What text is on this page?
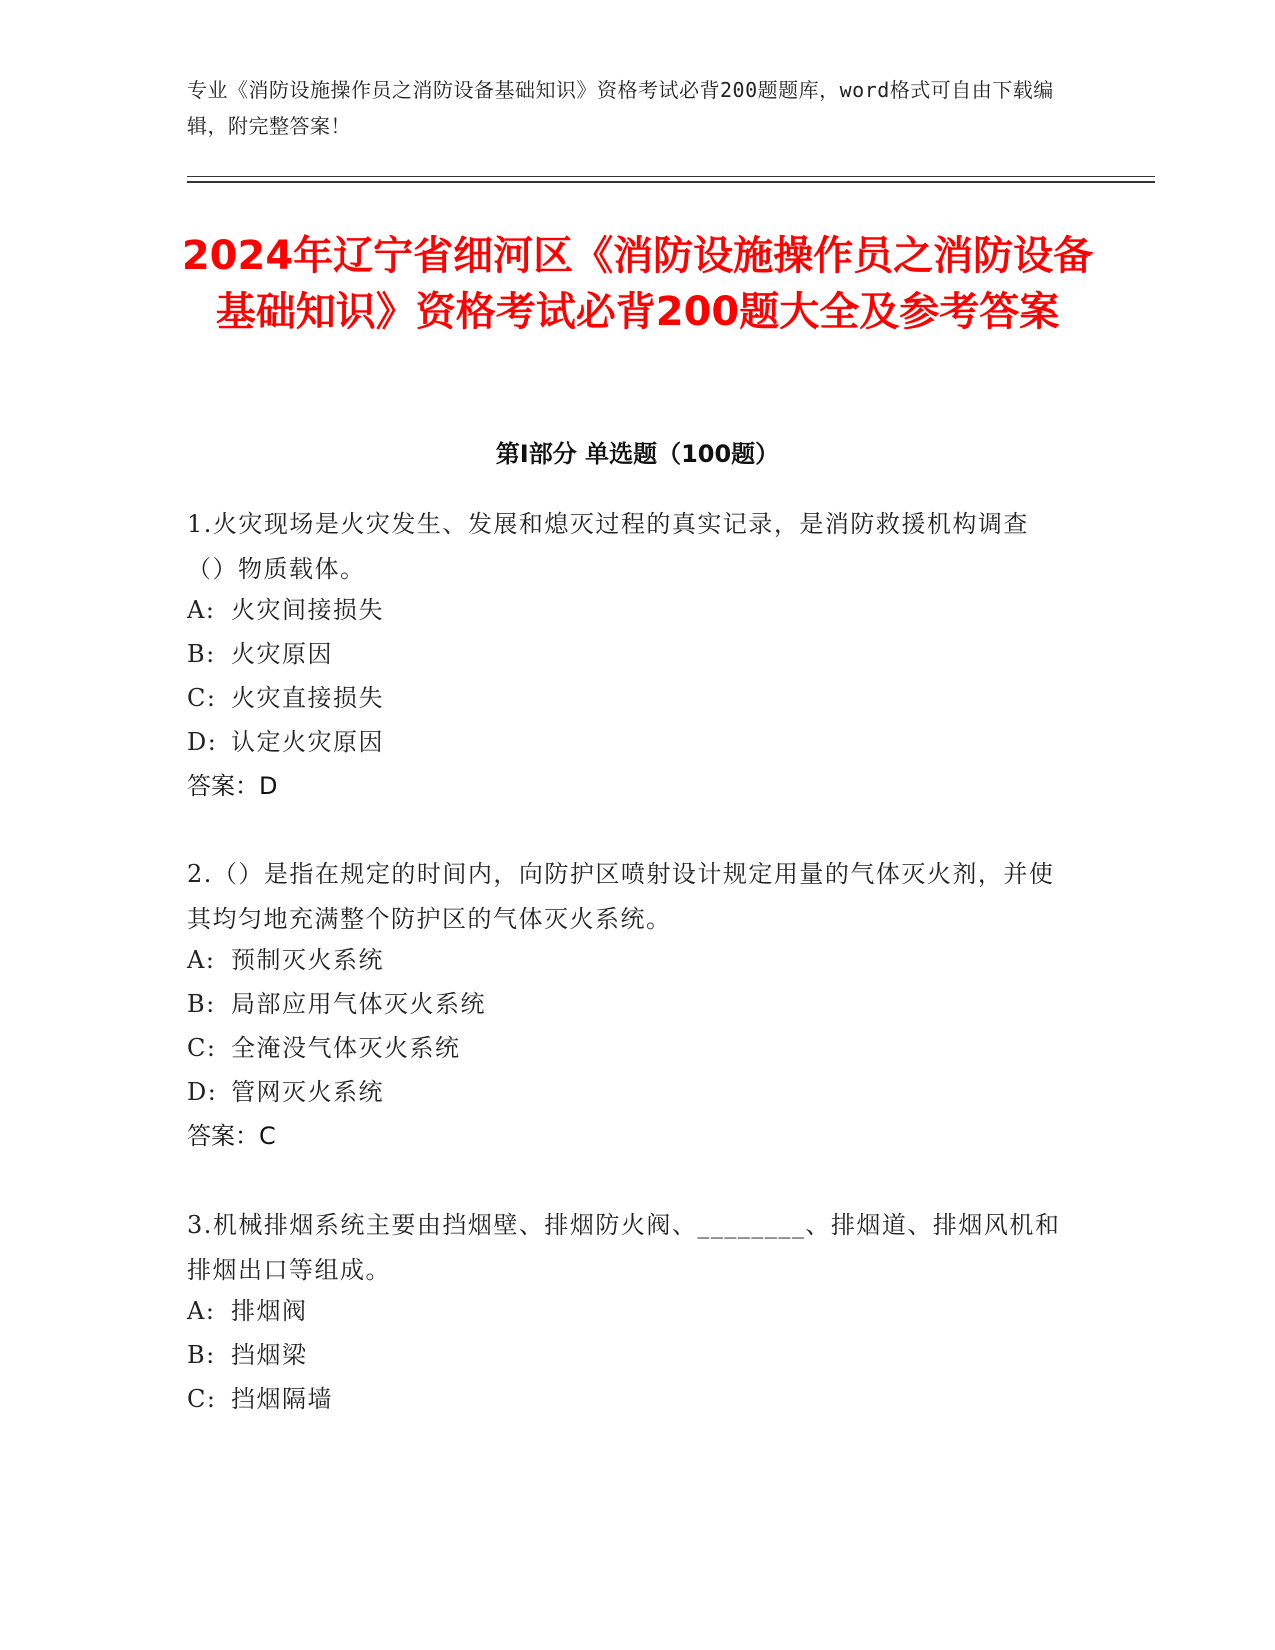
专业《消防设施操作员之消防设备基础知识》资格考试必背200题题库，word格式可自由下载编辑，附完整答案！
2024年辽宁省细河区《消防设施操作员之消防设备基础知识》资格考试必背200题大全及参考答案
第Ⅰ部分 单选题（100题）
1.火灾现场是火灾发生、发展和熄灭过程的真实记录，是消防救援机构调查（）物质载体。
A: 火灾间接损失
B: 火灾原因
C: 火灾直接损失
D: 认定火灾原因
答案：D
2.（）是指在规定的时间内，向防护区喷射设计规定用量的气体灭火剂，并使其均匀地充满整个防护区的气体灭火系统。
A: 预制灭火系统
B: 局部应用气体灭火系统
C: 全淹没气体灭火系统
D: 管网灭火系统
答案：C
3.机械排烟系统主要由挡烟壁、排烟防火阀、________、排烟道、排烟风机和排烟出口等组成。
A: 排烟阀
B: 挡烟梁
C: 挡烟隔墙
